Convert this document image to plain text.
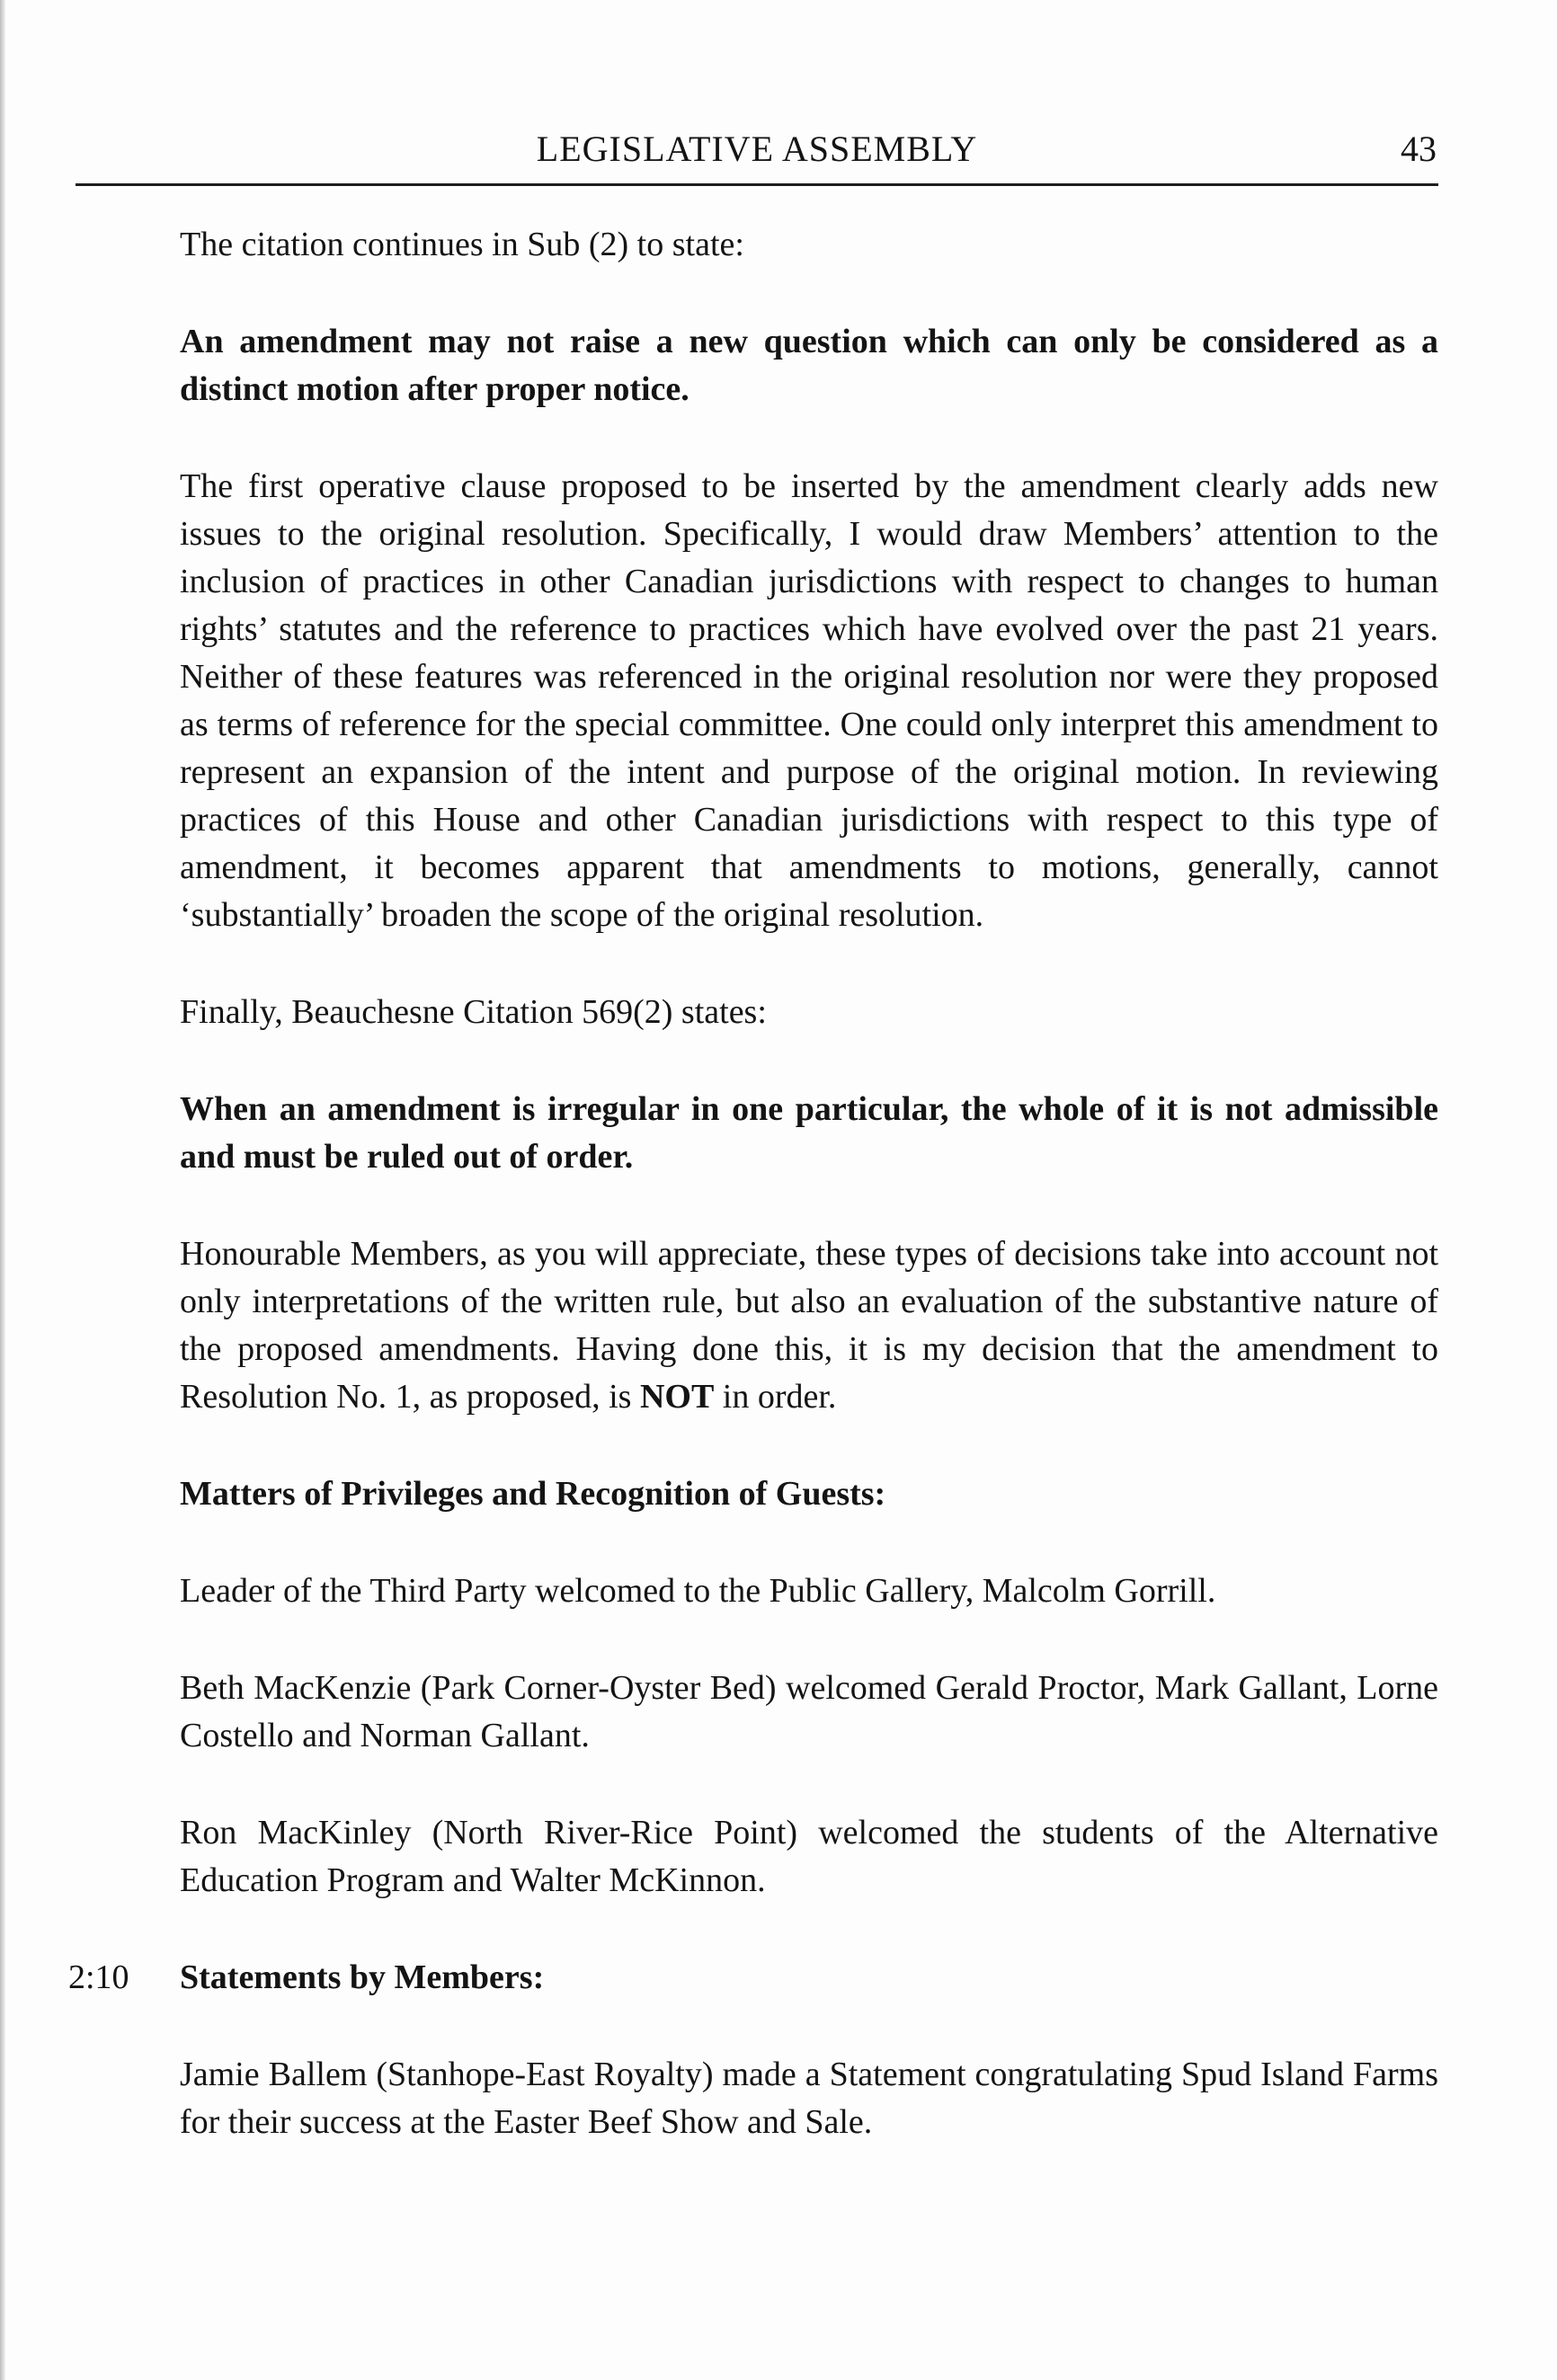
LEGISLATIVE ASSEMBLY	43

The citation continues in Sub (2) to state:

An amendment may not raise a new question which can only be considered as a distinct motion after proper notice.

The first operative clause proposed to be inserted by the amendment clearly adds new issues to the original resolution. Specifically, I would draw Members’ attention to the inclusion of practices in other Canadian jurisdictions with respect to changes to human rights’ statutes and the reference to practices which have evolved over the past 21 years. Neither of these features was referenced in the original resolution nor were they proposed as terms of reference for the special committee. One could only interpret this amendment to represent an expansion of the intent and purpose of the original motion. In reviewing practices of this House and other Canadian jurisdictions with respect to this type of amendment, it becomes apparent that amendments to motions, generally, cannot ‘substantially’ broaden the scope of the original resolution.

Finally, Beauchesne Citation 569(2) states:

When an amendment is irregular in one particular, the whole of it is not admissible and must be ruled out of order.

Honourable Members, as you will appreciate, these types of decisions take into account not only interpretations of the written rule, but also an evaluation of the substantive nature of the proposed amendments. Having done this, it is my decision that the amendment to Resolution No. 1, as proposed, is NOT in order.

Matters of Privileges and Recognition of Guests:

Leader of the Third Party welcomed to the Public Gallery, Malcolm Gorrill.

Beth MacKenzie (Park Corner-Oyster Bed) welcomed Gerald Proctor, Mark Gallant, Lorne Costello and Norman Gallant.

Ron MacKinley (North River-Rice Point) welcomed the students of the Alternative Education Program and Walter McKinnon.

2:10 Statements by Members:

Jamie Ballem (Stanhope-East Royalty) made a Statement congratulating Spud Island Farms for their success at the Easter Beef Show and Sale.
